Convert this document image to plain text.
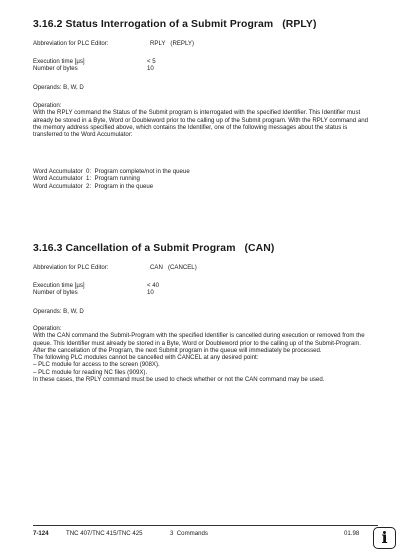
3.16.2 Status Interrogation of a Submit Program (RPLY)
Abbreviation for PLC Editor:	RPLY   (REPLY)
Execution time [µs]	< 5
Number of bytes	10

Operands: B, W, D

Operation:
With the RPLY command the Status of the Submit program is interrogated with the specified Identifier. This Identifier must already be stored in a Byte, Word or Doubleword prior to the calling up of the Submit program. With the RPLY command and the memory address specified above, which contains the Identifier, one of the following messages about the status is transferred to the Word Accumulator:
Word Accumulator  0:  Program complete/not in the queue
Word Accumulator  1:  Program running
Word Accumulator  2:  Program in the queue
3.16.3 Cancellation of a Submit Program (CAN)
Abbreviation for PLC Editor:	CAN   (CANCEL)
Execution time [µs]	< 40
Number of bytes	10

Operands: B, W, D

Operation:
With the CAN command the Submit-Program with the specified Identifier is cancelled during execution or removed from the queue. This Identifier must already be stored in a Byte, Word or Doubleword prior to the calling up of the Submit-Program. After the cancellation of the Program, the next Submit program in the queue will immediately be processed.
The following PLC modules cannot be cancelled with CANCEL at any desired point:
– PLC module for access to the screen (908X).
– PLC module for reading NC files (909X).
In these cases, the RPLY command must be used to check whether or not the CAN command may be used.
7-124	TNC 407/TNC 415/TNC 425	3  Commands	01.98 i
